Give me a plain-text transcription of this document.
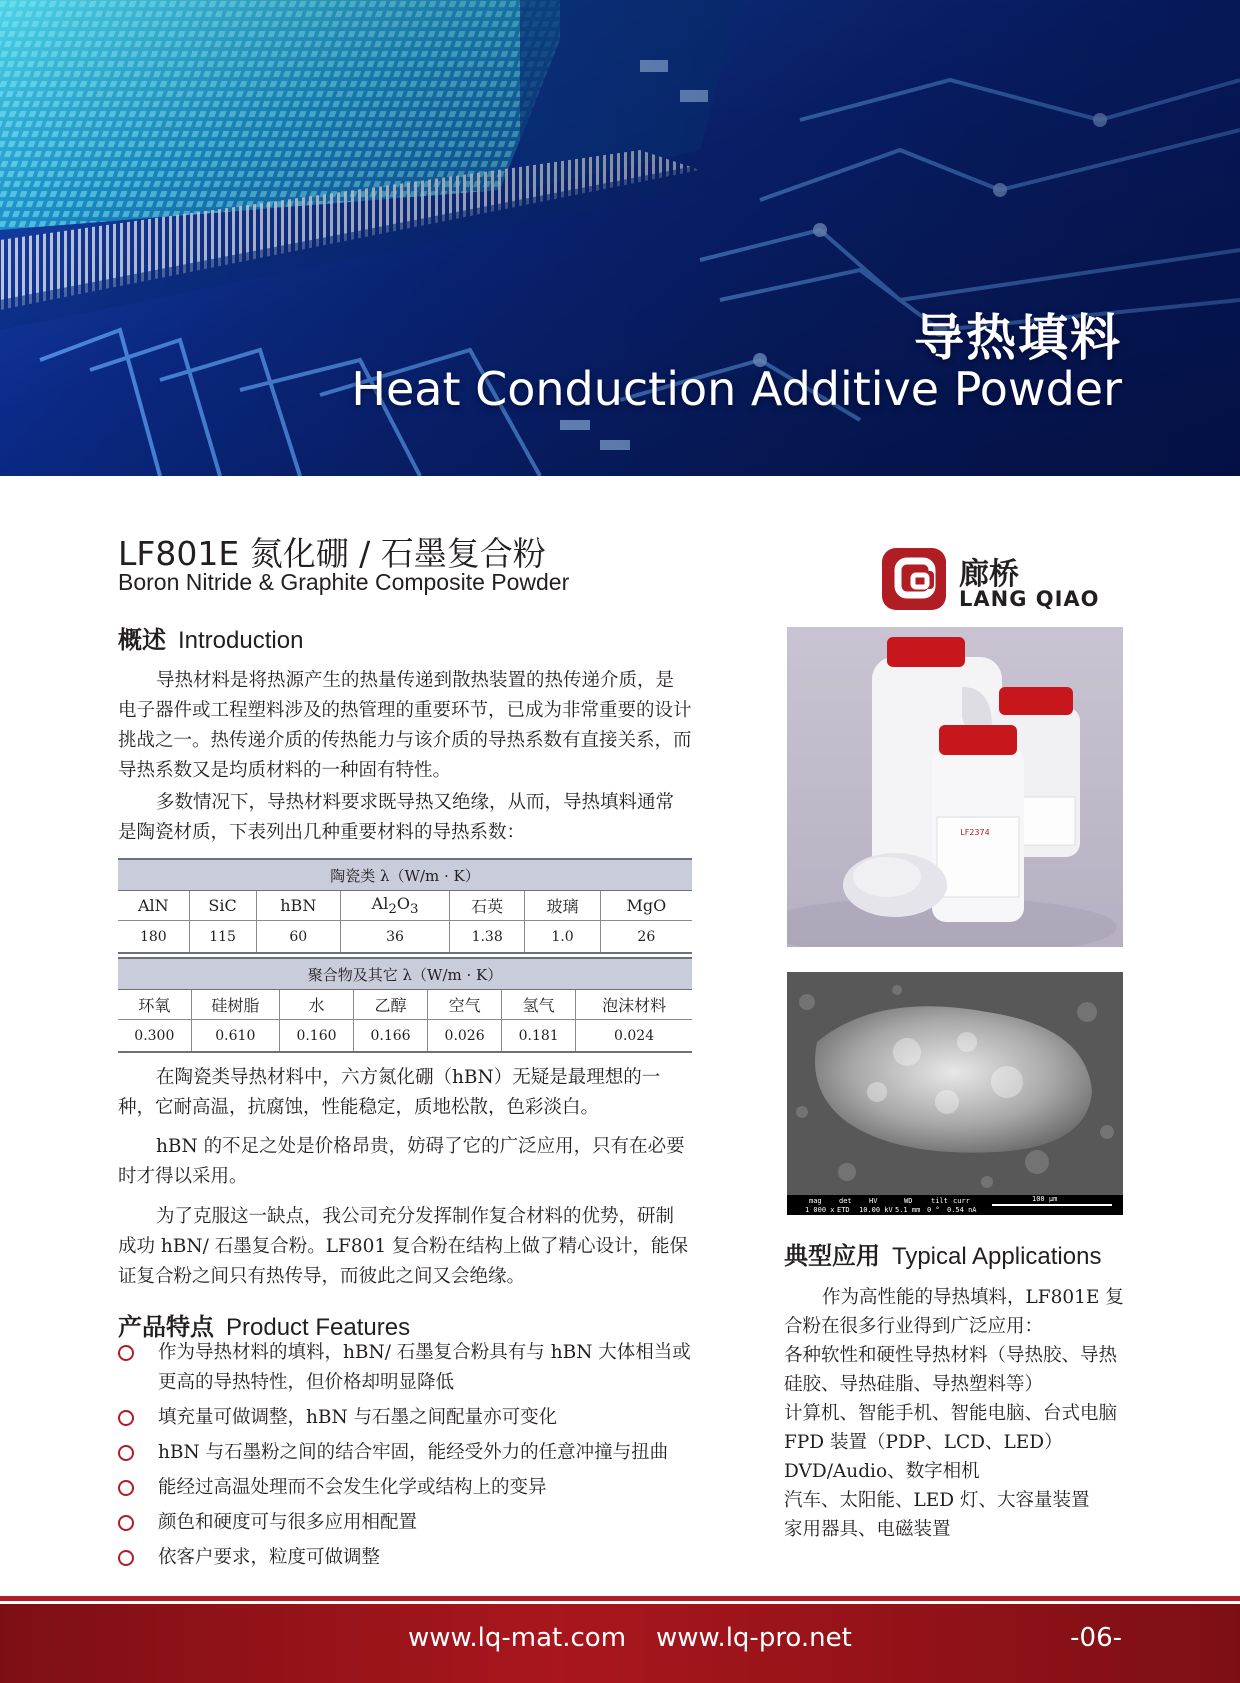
导热填料
Heat Conduction Additive Powder
LF801E 氮化硼 / 石墨复合粉
Boron Nitride & Graphite Composite Powder
概述 Introduction

导热材料是将热源产生的热量传递到散热装置的热传递介质，是电子器件或工程塑料涉及的热管理的重要环节，已成为非常重要的设计挑战之一。热传递介质的传热能力与该介质的导热系数有直接关系，而导热系数又是均质材料的一种固有特性。

多数情况下，导热材料要求既导热又绝缘，从而，导热填料通常是陶瓷材质，下表列出几种重要材料的导热系数：

陶瓷类 λ（W/m · K）						
AlN	SiC	hBN	$Al_2O_3$	石英	玻璃	MgO
180	115	60	36	1.38	1.0	26
聚合物及其它 λ（W/m · K）						
环氧	硅树脂	水	乙醇	空气	氢气	泡沫材料
0.300	0.610	0.160	0.166	0.026	0.181	0.024

在陶瓷类导热材料中，六方氮化硼（hBN）无疑是最理想的一种，它耐高温，抗腐蚀，性能稳定，质地松散，色彩淡白。

hBN 的不足之处是价格昂贵，妨碍了它的广泛应用，只有在必要时才得以采用。

为了克服这一缺点，我公司充分发挥制作复合材料的优势，研制成功 hBN/ 石墨复合粉。LF801 复合粉在结构上做了精心设计，能保证复合粉之间只有热传导，而彼此之间又会绝缘。

产品特点 Product Features
作为导热材料的填料，hBN/ 石墨复合粉具有与 hBN 大体相当或更高的导热特性，但价格却明显降低
填充量可做调整，hBN 与石墨之间配量亦可变化
hBN 与石墨粉之间的结合牢固，能经受外力的任意冲撞与扭曲
能经过高温处理而不会发生化学或结构上的变异
颜色和硬度可与很多应用相配置
依客户要求，粒度可做调整
廊桥
LANG QIAO
LF2374
mag det HV	WD	tilt curr
1 000 x ETD 10.00 kV 5.1 mm 0 ° 0.54 nA
100 μm
典型应用 Typical Applications

作为高性能的导热填料，LF801E 复合粉在很多行业得到广泛应用：

各种软性和硬性导热材料（导热胶、导热硅胶、导热硅脂、导热塑料等）
计算机、智能手机、智能电脑、台式电脑
FPD 装置（PDP、LCD、LED）
DVD/Audio、数字相机
汽车、太阳能、LED 灯、大容量装置
家用器具、电磁装置
www.lq-mat.com www.lq-pro.net	-06-
